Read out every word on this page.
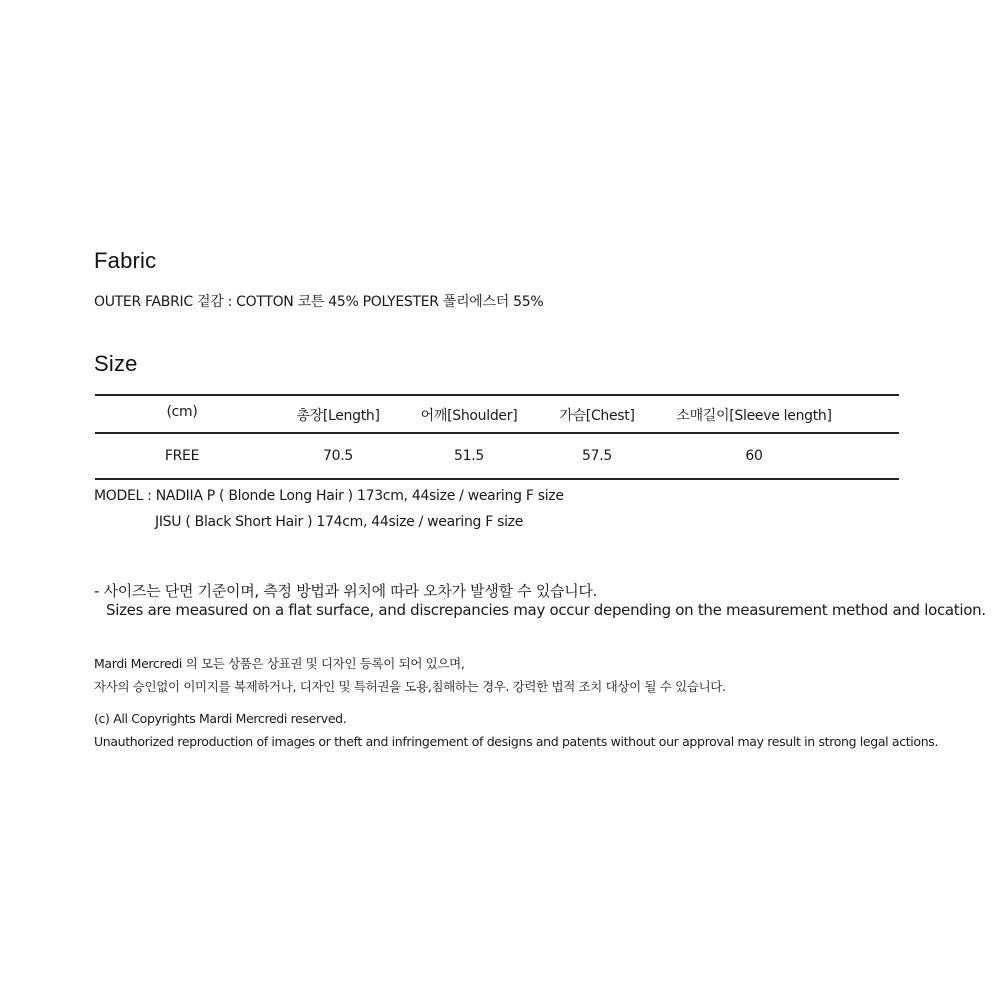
Fabric
OUTER FABRIC 겉감 : COTTON 코튼 45% POLYESTER 폴리에스터 55%
Size
(cm)	총장[Length]	어깨[Shoulder]	가슴[Chest]	소매길이[Sleeve length]
FREE	70.5	51.5	57.5	60
MODEL : NADIIA P ( Blonde Long Hair ) 173cm, 44size / wearing F size
JISU ( Black Short Hair ) 174cm, 44size / wearing F size
- 사이즈는 단면 기준이며, 측정 방법과 위치에 따라 오차가 발생할 수 있습니다.
Sizes are measured on a flat surface, and discrepancies may occur depending on the measurement method and location.
Mardi Mercredi 의 모든 상품은 상표권 및 디자인 등록이 되어 있으며,
자사의 승인없이 이미지를 복제하거나, 디자인 및 특허권을 도용,침해하는 경우. 강력한 법적 조치 대상이 될 수 있습니다.
(c) All Copyrights Mardi Mercredi reserved.
Unauthorized reproduction of images or theft and infringement of designs and patents without our approval may result in strong legal actions.
